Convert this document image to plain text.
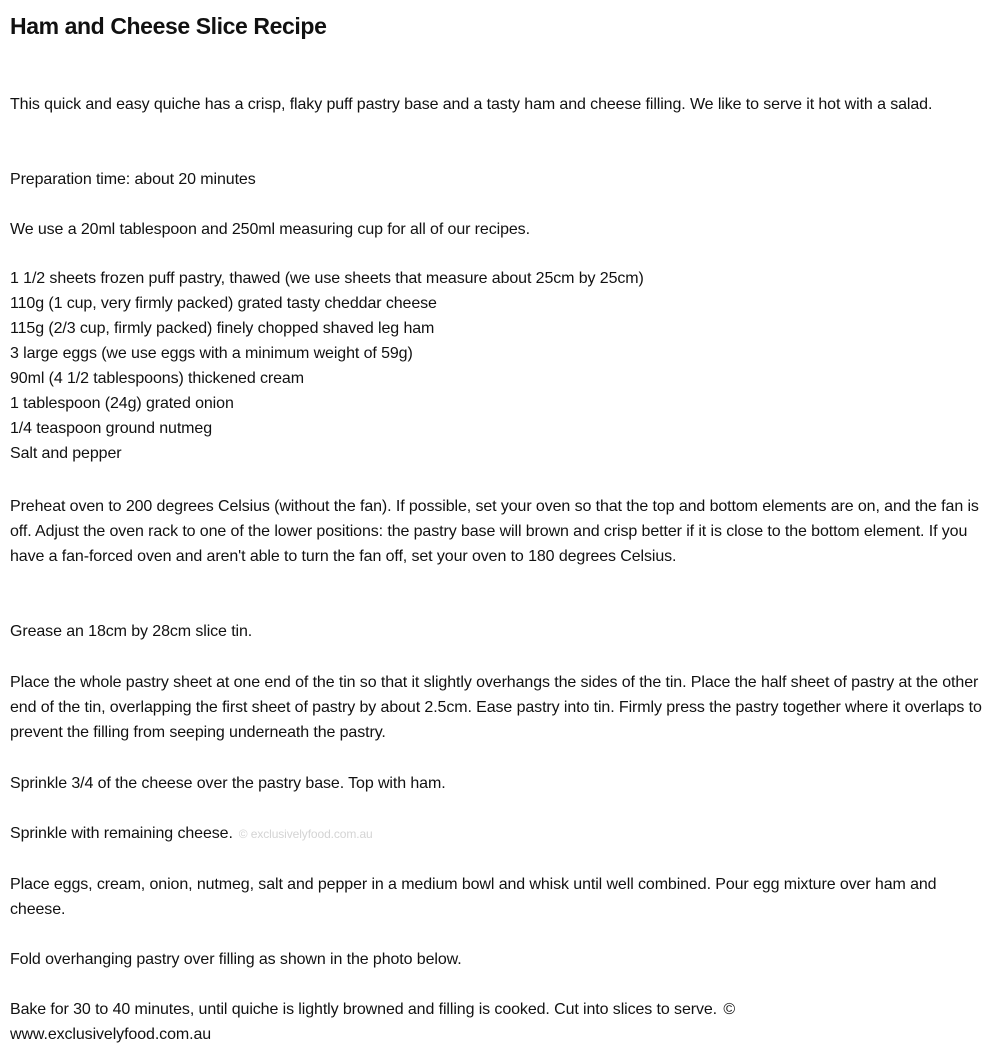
Ham and Cheese Slice Recipe

This quick and easy quiche has a crisp, flaky puff pastry base and a tasty ham and cheese filling. We like to serve it hot with a salad.

Preparation time: about 20 minutes

We use a 20ml tablespoon and 250ml measuring cup for all of our recipes.

1 1/2 sheets frozen puff pastry, thawed (we use sheets that measure about 25cm by 25cm)
110g (1 cup, very firmly packed) grated tasty cheddar cheese
115g (2/3 cup, firmly packed) finely chopped shaved leg ham
3 large eggs (we use eggs with a minimum weight of 59g)
90ml (4 1/2 tablespoons) thickened cream
1 tablespoon (24g) grated onion
1/4 teaspoon ground nutmeg
Salt and pepper

Preheat oven to 200 degrees Celsius (without the fan). If possible, set your oven so that the top and bottom elements are on, and the fan is off. Adjust the oven rack to one of the lower positions: the pastry base will brown and crisp better if it is close to the bottom element. If you have a fan-forced oven and aren't able to turn the fan off, set your oven to 180 degrees Celsius.

Grease an 18cm by 28cm slice tin.

Place the whole pastry sheet at one end of the tin so that it slightly overhangs the sides of the tin. Place the half sheet of pastry at the other end of the tin, overlapping the first sheet of pastry by about 2.5cm. Ease pastry into tin. Firmly press the pastry together where it overlaps to prevent the filling from seeping underneath the pastry.

Sprinkle 3/4 of the cheese over the pastry base. Top with ham.

Sprinkle with remaining cheese. © exclusivelyfood.com.au

Place eggs, cream, onion, nutmeg, salt and pepper in a medium bowl and whisk until well combined. Pour egg mixture over ham and cheese.

Fold overhanging pastry over filling as shown in the photo below.

Bake for 30 to 40 minutes, until quiche is lightly browned and filling is cooked. Cut into slices to serve. ©
www.exclusivelyfood.com.au
